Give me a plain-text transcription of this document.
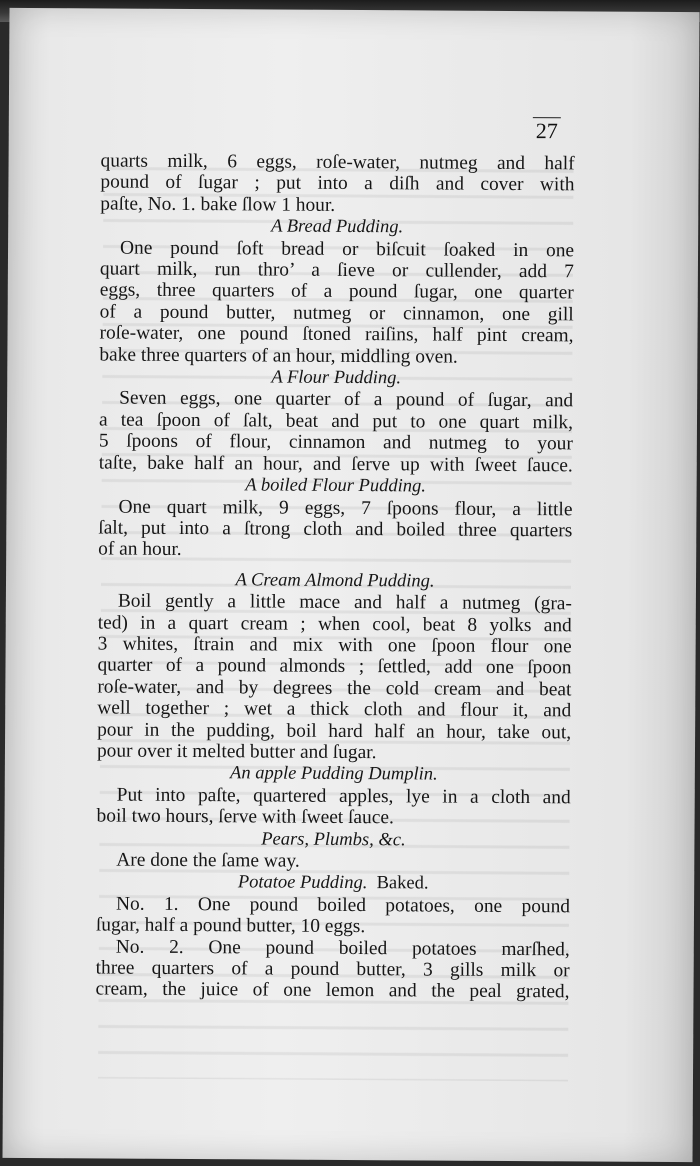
27
quarts milk, 6 eggs, roſe-water, nutmeg and half
pound of ſugar ; put into a diſh and cover with
paſte, No. 1. bake ſlow 1 hour.
A Bread Pudding.
One pound ſoft bread or biſcuit ſoaked in one
quart milk, run thro’ a ſieve or cullender, add 7
eggs, three quarters of a pound ſugar, one quarter
of a pound butter, nutmeg or cinnamon, one gill
roſe-water, one pound ſtoned raiſins, half pint cream,
bake three quarters of an hour, middling oven.
A Flour Pudding.
Seven eggs, one quarter of a pound of ſugar, and
a tea ſpoon of ſalt, beat and put to one quart milk,
5 ſpoons of flour, cinnamon and nutmeg to your
taſte, bake half an hour, and ſerve up with ſweet ſauce.
A boiled Flour Pudding.
One quart milk, 9 eggs, 7 ſpoons flour, a little
ſalt, put into a ſtrong cloth and boiled three quarters
of an hour.
A Cream Almond Pudding.
Boil gently a little mace and half a nutmeg (gra-
ted) in a quart cream ; when cool, beat 8 yolks and
3 whites, ſtrain and mix with one ſpoon flour one
quarter of a pound almonds ; ſettled, add one ſpoon
roſe-water, and by degrees the cold cream and beat
well together ; wet a thick cloth and flour it, and
pour in the pudding, boil hard half an hour, take out,
pour over it melted butter and ſugar.
An apple Pudding Dumplin.
Put into paſte, quartered apples, lye in a cloth and
boil two hours, ſerve with ſweet ſauce.
Pears, Plumbs, &c.
Are done the ſame way.
Potatoe Pudding.  Baked.
No. 1. One pound boiled potatoes, one pound
ſugar, half a pound butter, 10 eggs.
No. 2. One pound boiled potatoes marſhed,
three quarters of a pound butter, 3 gills milk or
cream, the juice of one lemon and the peal grated,
